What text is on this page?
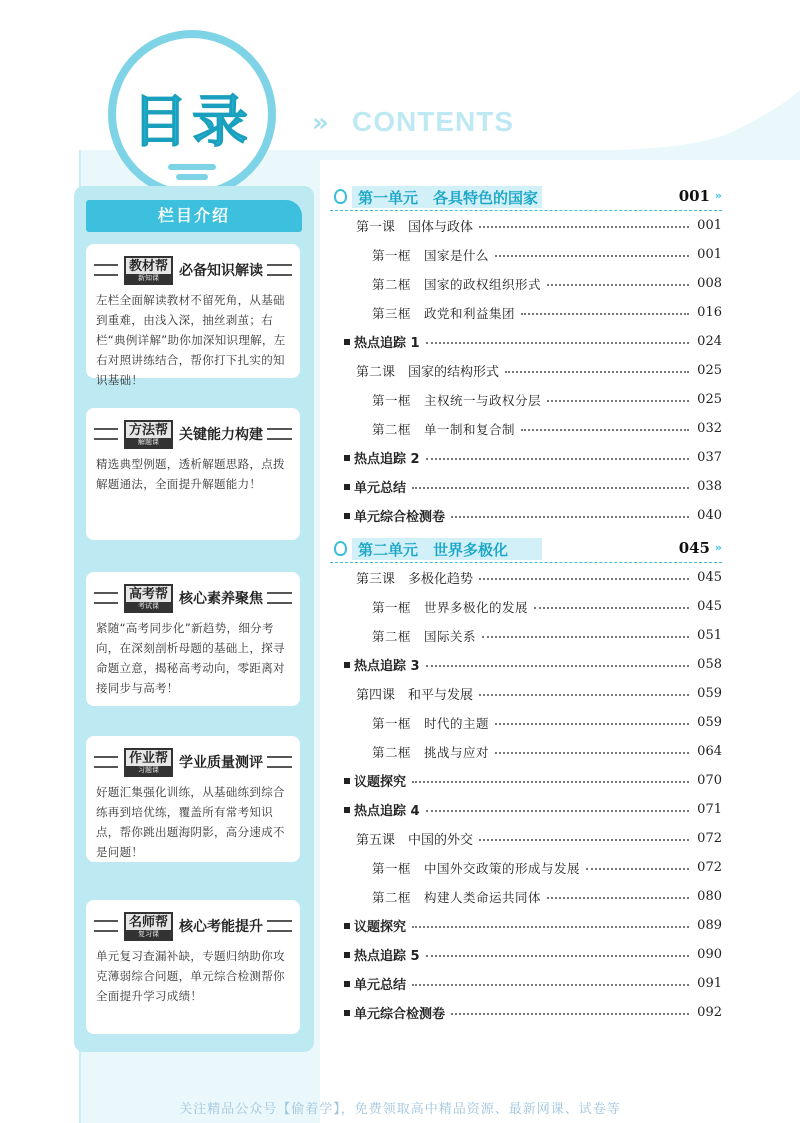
目录 » CONTENTS
栏目介绍
教材帮
新知课	必备知识解读
左栏全面解读教材不留死角，从基础到重难，由浅入深，抽丝剥茧；右栏“典例详解”助你加深知识理解，左右对照讲练结合，帮你打下扎实的知识基础！
方法帮
解题课	关键能力构建
精选典型例题，透析解题思路，点拨解题通法，全面提升解题能力！
高考帮
考试课	核心素养聚焦
紧随“高考同步化”新趋势，细分考向，在深刻剖析母题的基础上，探寻命题立意，揭秘高考动向，零距离对接同步与高考！
作业帮
习题课	学业质量测评
好题汇集强化训练，从基础练到综合练再到培优练，覆盖所有常考知识点，帮你跳出题海阴影，高分速成不是问题！
名师帮
复习课	核心考能提升
单元复习查漏补缺，专题归纳助你攻克薄弱综合问题，单元综合检测帮你全面提升学习成绩！
第一单元　各具特色的国家	001 »
第一课　国体与政体	001
第一框　国家是什么	001
第二框　国家的政权组织形式	008
第三框　政党和利益集团	016
热点追踪 1	024
第二课　国家的结构形式	025
第一框　主权统一与政权分层	025
第二框　单一制和复合制	032
热点追踪 2	037
单元总结	038
单元综合检测卷	040
第二单元　世界多极化	045 »
第三课　多极化趋势	045
第一框　世界多极化的发展	045
第二框　国际关系	051
热点追踪 3	058
第四课　和平与发展	059
第一框　时代的主题	059
第二框　挑战与应对	064
议题探究	070
热点追踪 4	071
第五课　中国的外交	072
第一框　中国外交政策的形成与发展	072
第二框　构建人类命运共同体	080
议题探究	089
热点追踪 5	090
单元总结	091
单元综合检测卷	092
关注精品公众号【偷着学】，免费领取高中精品资源、最新网课、试卷等
